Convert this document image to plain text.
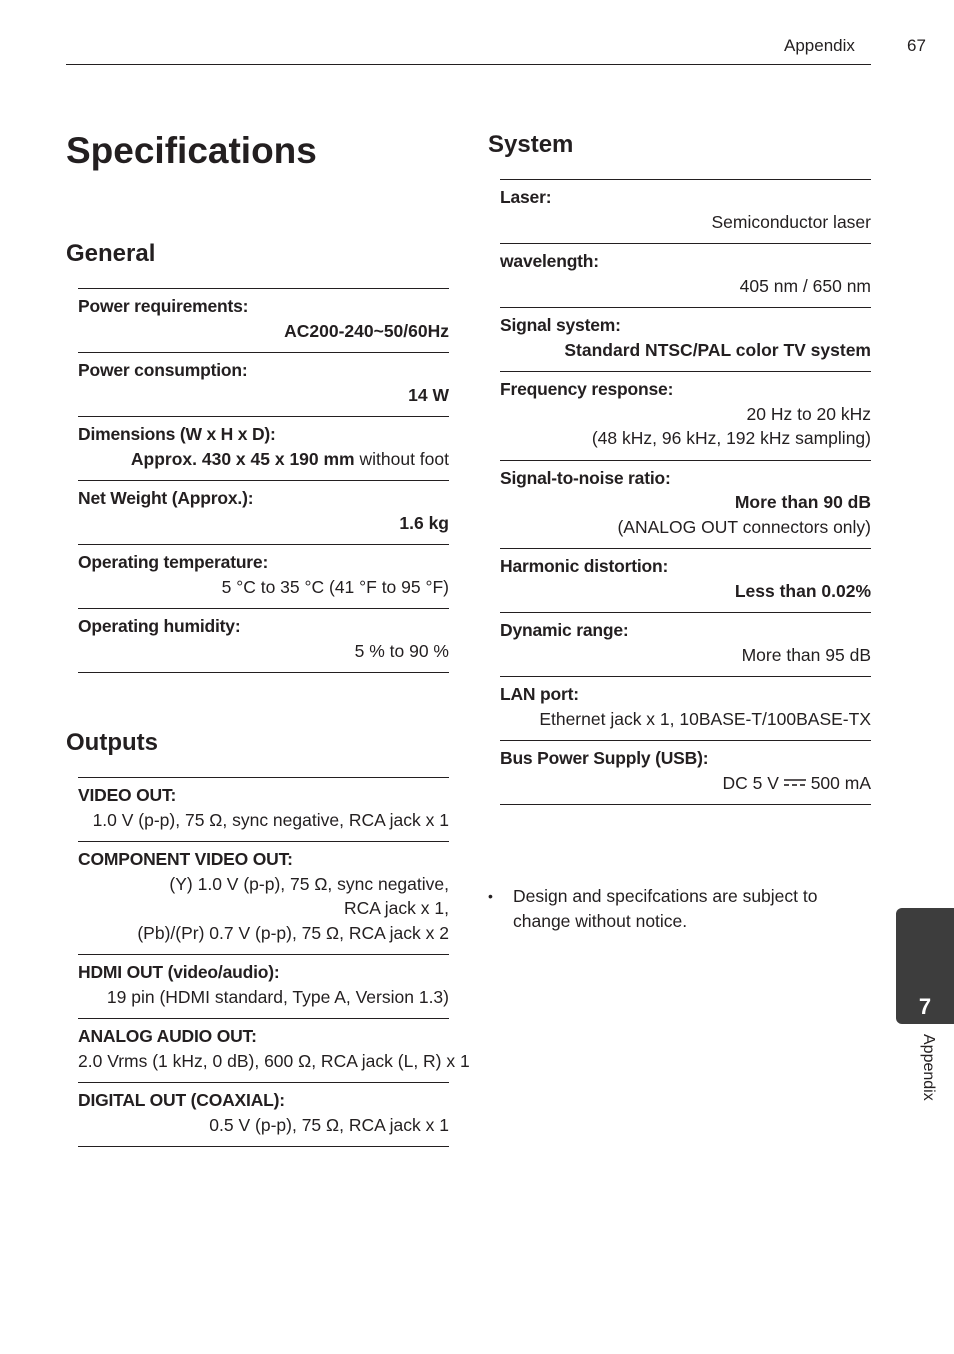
Appendix	67
Specifications
General
Power requirements:
AC200-240~50/60Hz
Power consumption:
14 W
Dimensions (W x H x D):
Approx. 430 x 45 x 190 mm without foot
Net Weight (Approx.):
1.6 kg
Operating temperature:
5 °C to 35 °C (41 °F to 95 °F)
Operating humidity:
5 % to 90 %
Outputs
VIDEO OUT:
1.0 V (p-p), 75 Ω, sync negative, RCA jack x 1
COMPONENT VIDEO OUT:
(Y) 1.0 V (p-p), 75 Ω, sync negative,
RCA jack x 1,
(Pb)/(Pr) 0.7 V (p-p), 75 Ω, RCA jack x 2
HDMI OUT (video/audio):
19 pin (HDMI standard, Type A, Version 1.3)
ANALOG AUDIO OUT:
2.0 Vrms (1 kHz, 0 dB), 600 Ω, RCA jack (L, R) x 1
DIGITAL OUT (COAXIAL):
0.5 V (p-p), 75 Ω, RCA jack x 1
System
Laser:
Semiconductor laser
wavelength:
405 nm / 650 nm
Signal system:
Standard NTSC/PAL color TV system
Frequency response:
20 Hz to 20 kHz
(48 kHz, 96 kHz, 192 kHz sampling)
Signal-to-noise ratio:
More than 90 dB
(ANALOG OUT connectors only)
Harmonic distortion:
Less than 0.02%
Dynamic range:
More than 95 dB
LAN port:
Ethernet jack x 1, 10BASE-T/100BASE-TX
Bus Power Supply (USB):
DC 5 V 500 mA
• Design and specifcations are subject to change without notice.
7
Appendix
